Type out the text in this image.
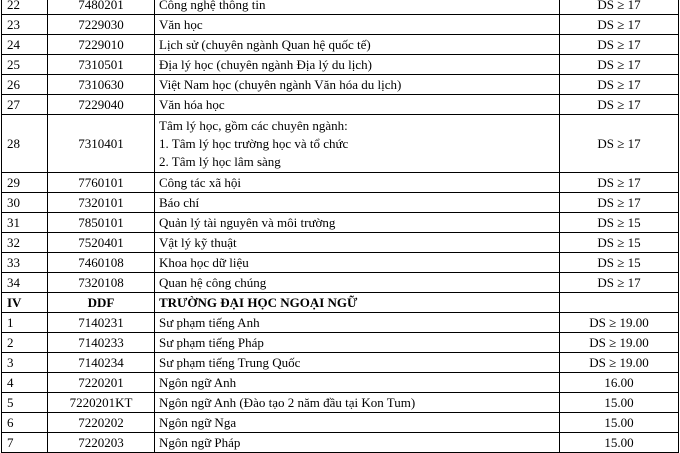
22	7480201	Công nghệ thông tin	DS ≥ 17
23	7229030	Văn học	DS ≥ 17
24	7229010	Lịch sử (chuyên ngành Quan hệ quốc tế)	DS ≥ 17
25	7310501	Địa lý học (chuyên ngành Địa lý du lịch)	DS ≥ 17
26	7310630	Việt Nam học (chuyên ngành Văn hóa du lịch)	DS ≥ 17
27	7229040	Văn hóa học	DS ≥ 17
28	7310401	Tâm lý học, gồm các chuyên ngành:
1. Tâm lý học trường học và tổ chức
2. Tâm lý học lâm sàng	DS ≥ 17
29	7760101	Công tác xã hội	DS ≥ 17
30	7320101	Báo chí	DS ≥ 17
31	7850101	Quản lý tài nguyên và môi trường	DS ≥ 15
32	7520401	Vật lý kỹ thuật	DS ≥ 15
33	7460108	Khoa học dữ liệu	DS ≥ 15
34	7320108	Quan hệ công chúng	DS ≥ 17
IV	DDF	TRƯỜNG ĐẠI HỌC NGOẠI NGỮ	
1	7140231	Sư phạm tiếng Anh	DS ≥ 19.00
2	7140233	Sư phạm tiếng Pháp	DS ≥ 19.00
3	7140234	Sư phạm tiếng Trung Quốc	DS ≥ 19.00
4	7220201	Ngôn ngữ Anh	16.00
5	7220201KT	Ngôn ngữ Anh (Đào tạo 2 năm đầu tại Kon Tum)	15.00
6	7220202	Ngôn ngữ Nga	15.00
7	7220203	Ngôn ngữ Pháp	15.00
